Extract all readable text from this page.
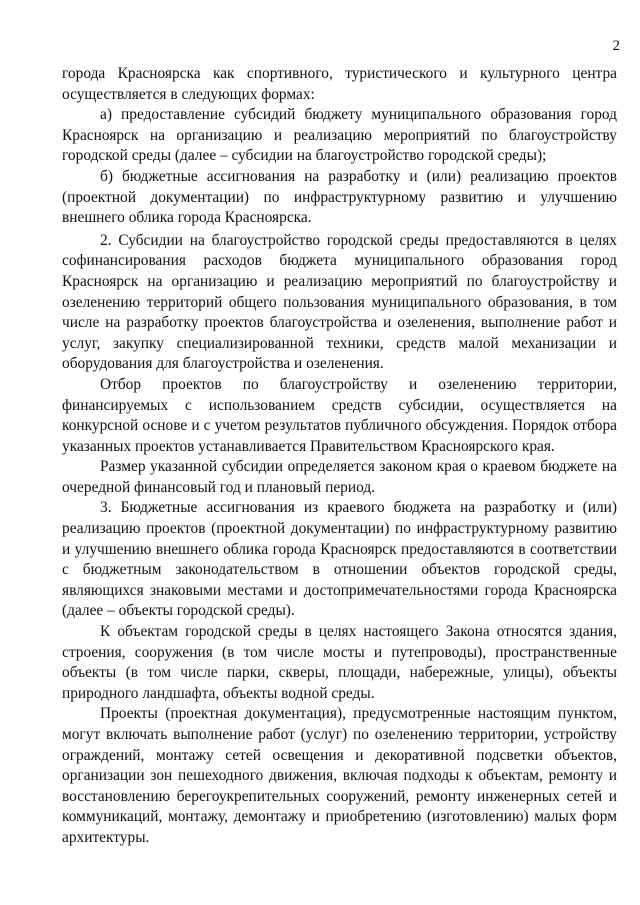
2

города Красноярска как спортивного, туристического и культурного центра осуществляется в следующих формах:

а) предоставление субсидий бюджету муниципального образования город Красноярск на организацию и реализацию мероприятий по благоустройству городской среды (далее – субсидии на благоустройство городской среды);

б) бюджетные ассигнования на разработку и (или) реализацию проектов (проектной документации) по инфраструктурному развитию и улучшению внешнего облика города Красноярска.

2. Субсидии на благоустройство городской среды предоставляются в целях софинансирования расходов бюджета муниципального образования город Красноярск на организацию и реализацию мероприятий по благоустройству и озеленению территорий общего пользования муниципального образования, в том числе на разработку проектов благоустройства и озеленения, выполнение работ и услуг, закупку специализированной техники, средств малой механизации и оборудования для благоустройства и озеленения.

Отбор проектов по благоустройству и озеленению территории, финансируемых с использованием средств субсидии, осуществляется на конкурсной основе и с учетом результатов публичного обсуждения. Порядок отбора указанных проектов устанавливается Правительством Красноярского края.

Размер указанной субсидии определяется законом края о краевом бюджете на очередной финансовый год и плановый период.

3. Бюджетные ассигнования из краевого бюджета на разработку и (или) реализацию проектов (проектной документации) по инфраструктурному развитию и улучшению внешнего облика города Красноярск предоставляются в соответствии с бюджетным законодательством в отношении объектов городской среды, являющихся знаковыми местами и достопримечательностями города Красноярска (далее – объекты городской среды).

К объектам городской среды в целях настоящего Закона относятся здания, строения, сооружения (в том числе мосты и путепроводы), пространственные объекты (в том числе парки, скверы, площади, набережные, улицы), объекты природного ландшафта, объекты водной среды.

Проекты (проектная документация), предусмотренные настоящим пунктом, могут включать выполнение работ (услуг) по озеленению территории, устройству ограждений, монтажу сетей освещения и декоративной подсветки объектов, организации зон пешеходного движения, включая подходы к объектам, ремонту и восстановлению берегоукрепительных сооружений, ремонту инженерных сетей и коммуникаций, монтажу, демонтажу и приобретению (изготовлению) малых форм архитектуры.
